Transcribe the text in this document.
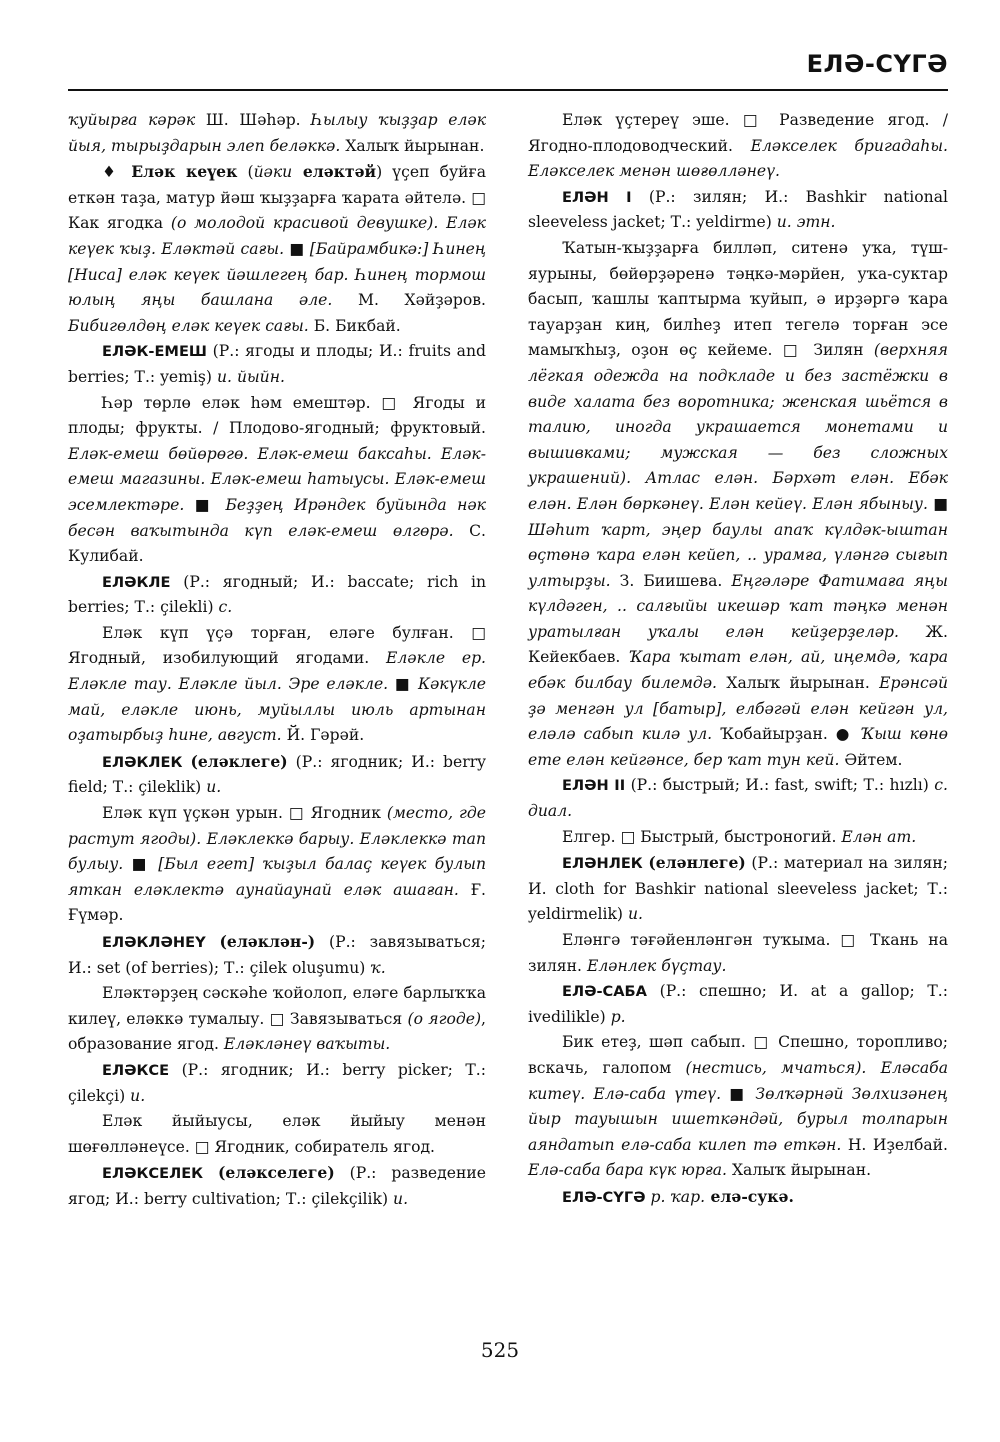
ЕЛӘ-СҮГӘ

ҡуйырға кәрәк Ш. Шәһәр. Һылыу ҡыҙҙар еләк йыя, тырыҙдарын элеп беләккә. Халыҡ йырынан.

♦ Еләк кеүек (йәки еләктәй) үҫеп буйға еткән таҙа, матур йәш ҡыҙҙарға ҡарата әйтелә. □ Как ягодка (о молодой красивой девушке). Еләк кеүек ҡыҙ. Еләктәй сағы. ■ [Байрамбикә:] Һинең [Ниса] еләк кеүек йәшлегең бар. Һинең тормош юлың яңы башлана әле. М. Хәйҙәров. Бибигөлдөң еләк кеүек сағы. Б. Бикбай.

ЕЛӘК-ЕМЕШ (Р.: ягоды и плоды; И.: fruits and berries; Т.: yemiş) и. йыйн.

Һәр төрлө еләк һәм емештәр. □ Ягоды и плоды; фрукты. / Плодово-ягодный; фруктовый. Еләк-емеш бөйөрөгө. Еләк-емеш баксаһы. Еләк-емеш магазины. Еләк-емеш һатыусы. Еләк-емеш эсемлектәре. ■ Беҙҙең Ирәндек буйында нәк бесән ваҡытында күп еләк-емеш өлгөрә. С. Кулибай.

ЕЛӘКЛЕ (Р.: ягодный; И.: baccate; rich in berries; Т.: çilekli) с.

Еләк күп үҫә торған, еләге булған. □ Ягодный, изобилующий ягодами. Еләкле ер. Еләкле тау. Еләкле йыл. Эре еләкле. ■ Кәкүкле май, еләкле июнь, муйыллы июль артынан оҙатырбыҙ һине, август. Й. Гәрәй.

ЕЛӘКЛЕК (еләклеге) (Р.: ягодник; И.: berry field; Т.: çileklik) и.

Еләк күп үҫкән урын. □ Ягодник (место, где растут ягоды). Еләклеккә барыу. Еләклеккә тап булыу. ■ [Был егет] ҡыҙыл балаҫ кеүек булып яткан еләклектә аунайаунай еләк ашаған. Ғ. Ғүмәр.

ЕЛӘКЛӘНЕҮ (еләклән-) (Р.: завязываться; И.: set (of berries); Т.: çilek oluşumu) ҡ.

Еләктәрҙең сәскәһе ҡойолоп, еләге барлыҡҡа килеү, еләккә тумалыу. □ Завязываться (о ягоде), образование ягод. Еләкләнеү ваҡыты.

ЕЛӘКСЕ (Р.: ягодник; И.: berry picker; Т.: çilekçi) и.

Еләк йыйыусы, еләк йыйыу менән шөғөлләнеүсе. □ Ягодник, собиратель ягод.

ЕЛӘКСЕЛЕК (еләкселеге) (Р.: разведение ягод; И.: berry cultivation; Т.: çilekçilik) и.

Еләк үҫтереү эше. □ Разведение ягод. / Ягодно-плодоводческий. Еләкселек бригадаһы. Еләкселек менән шөғөлләнеү.

ЕЛӘН I (Р.: зилян; И.: Bashkir national sleeveless jacket; Т.: yeldirme) и. этн.

Ҡатын-ҡыҙҙарға билләп, ситенә уҡа, түш-яурыны, бөйөрҙәренә тәңкә-мәрйен, уҡа-суктар басып, ҡашлы ҡаптырма ҡуйып, ә ирҙәргә ҡара тауарҙан киң, билһеҙ итеп тегелә торған эсе мамыҡһыҙ, оҙон өҫ кейеме. □ Зилян (верхняя лёгкая одежда на подкладе и без застёжки в виде халата без воротника; женская шьётся в талию, иногда украшается монетами и вышивками; мужская — без сложных украшений). Атлас елән. Бәрхәт елән. Ебәк елән. Елән бөркәнеү. Елән кейеү. Елән ябыныу. ■ Шәһит ҡарт, эңер баулы апаҡ күлдәк-ыштан өҫтөнә ҡара елән кейеп, .. урамға, үләнгә сығып ултырҙы. З. Биишева. Еңгәләре Фатимаға яңы күлдәген, .. салғыйы икешәр ҡат тәңкә менән уратылған уҡалы елән кейҙерҙеләр. Ж. Кейекбаев. Ҡара ҡытат елән, ай, иңемдә, ҡара ебәк билбау билемдә. Халыҡ йырынан. Ерәнсәй ҙә менгән ул [батыр], елбәгәй елән кейгән ул, еләлә сабып килә ул. Ҡобайырҙан. ● Ҡыш көнө ете елән кейгәнсе, бер ҡат тун кей. Әйтем.

ЕЛӘН II (Р.: быстрый; И.: fast, swift; Т.: hızlı) с. диал.

Елгер. □ Быстрый, быстроногий. Елән ат.

ЕЛӘНЛЕК (еләнлеге) (Р.: материал на зилян; И. cloth for Bashkir national sleeveless jacket; Т.: yeldirmelik) и.

Еләнгә тәғәйенләнгән туҡыма. □ Ткань на зилян. Еләнлек бүҫтау.

ЕЛӘ-САБА (Р.: спешно; И. at a gallop; Т.: ivedilikle) р.

Бик етеҙ, шәп сабып. □ Спешно, торопливо; вскачь, галопом (нестись, мчаться). Еләсаба китеү. Елә-саба үтеү. ■ Зөлҡәрнәй Зөлхизәнең йыр тауышын ишеткәндәй, бурыл толпарын аяндатып елә-саба килеп тә еткән. Н. Иҙелбай. Елә-саба бара күк юрға. Халыҡ йырынан.

ЕЛӘ-СҮГӘ р. ҡар. елә-сукә.

525
